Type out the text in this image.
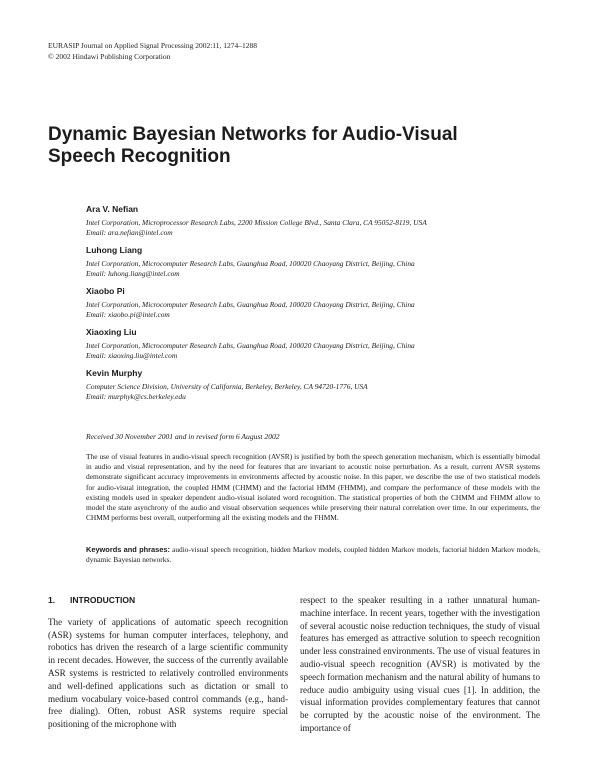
EURASIP Journal on Applied Signal Processing 2002:11, 1274–1288
© 2002 Hindawi Publishing Corporation
Dynamic Bayesian Networks for Audio-Visual Speech Recognition
Ara V. Nefian
Intel Corporation, Microprocessor Research Labs, 2200 Mission College Blvd., Santa Clara, CA 95052-8119, USA
Email: ara.nefian@intel.com
Luhong Liang
Intel Corporation, Microcomputer Research Labs, Guanghua Road, 100020 Chaoyang District, Beijing, China
Email: luhong.liang@intel.com
Xiaobo Pi
Intel Corporation, Microcomputer Research Labs, Guanghua Road, 100020 Chaoyang District, Beijing, China
Email: xiaobo.pi@intel.com
Xiaoxing Liu
Intel Corporation, Microcomputer Research Labs, Guanghua Road, 100020 Chaoyang District, Beijing, China
Email: xiaoxing.liu@intel.com
Kevin Murphy
Computer Science Division, University of California, Berkeley, Berkeley, CA 94720-1776, USA
Email: murphyk@cs.berkeley.edu
Received 30 November 2001 and in revised form 6 August 2002
The use of visual features in audio-visual speech recognition (AVSR) is justified by both the speech generation mechanism, which is essentially bimodal in audio and visual representation, and by the need for features that are invariant to acoustic noise perturbation. As a result, current AVSR systems demonstrate significant accuracy improvements in environments affected by acoustic noise. In this paper, we describe the use of two statistical models for audio-visual integration, the coupled HMM (CHMM) and the factorial HMM (FHMM), and compare the performance of these models with the existing models used in speaker dependent audio-visual isolated word recognition. The statistical properties of both the CHMM and FHMM allow to model the state asynchrony of the audio and visual observation sequences while preserving their natural correlation over time. In our experiments, the CHMM performs best overall, outperforming all the existing models and the FHMM.
Keywords and phrases: audio-visual speech recognition, hidden Markov models, coupled hidden Markov models, factorial hidden Markov models, dynamic Bayesian networks.
1. INTRODUCTION

The variety of applications of automatic speech recognition (ASR) systems for human computer interfaces, telephony, and robotics has driven the research of a large scientific community in recent decades. However, the success of the currently available ASR systems is restricted to relatively controlled environments and well-defined applications such as dictation or small to medium vocabulary voice-based control commands (e.g., hand-free dialing). Often, robust ASR systems require special positioning of the microphone with

respect to the speaker resulting in a rather unnatural human-machine interface. In recent years, together with the investigation of several acoustic noise reduction techniques, the study of visual features has emerged as attractive solution to speech recognition under less constrained environments. The use of visual features in audio-visual speech recognition (AVSR) is motivated by the speech formation mechanism and the natural ability of humans to reduce audio ambiguity using visual cues [1]. In addition, the visual information provides complementary features that cannot be corrupted by the acoustic noise of the environment. The importance of
